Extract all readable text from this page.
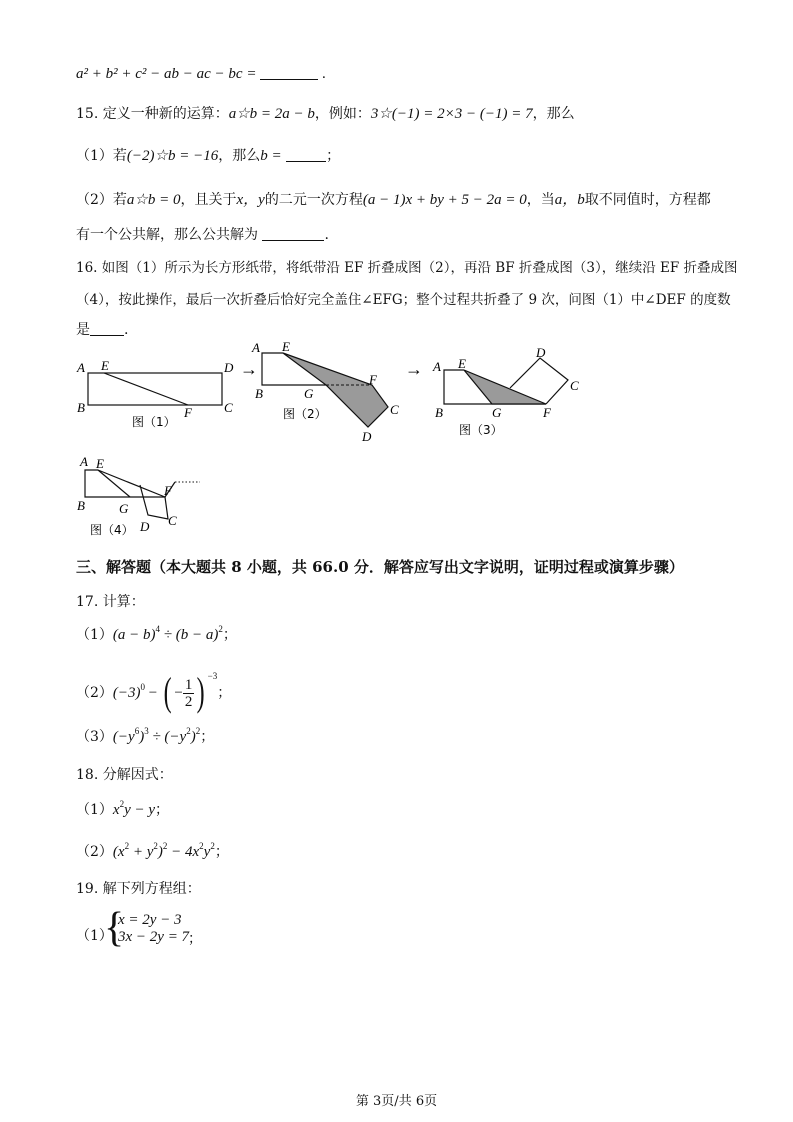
a² + b² + c² − ab − ac − bc =	.
15. 定义一种新的运算：a☆b = 2a − b，例如：3☆(−1) = 2×3 − (−1) = 7，那么
（1）若(−2)☆b = −16，那么b =	；
（2）若a☆b = 0，且关于x，y的二元一次方程(a − 1)x + by + 5 − 2a = 0，当a，b取不同值时，方程都
有一个公共解，那么公共解为	.
16. 如图（1）所示为长方形纸带，将纸带沿 EF 折叠成图（2），再沿 BF 折叠成图（3），继续沿 EF 折叠成图
（4），按此操作，最后一次折叠后恰好完全盖住∠EFG；整个过程共折叠了 9 次，问图（1）中∠DEF 的度数
是 .
A E	D
B	F C
图（1）
→
A E
B	G
F
C
D
图（2）
→ A E
D
C
B	G	F
图（3）
A E
F
B	G
D C
图（4）
三、解答题（本大题共 8 小题，共 66.0 分．解答应写出文字说明，证明过程或演算步骤）
17. 计算：
$(1)(a - b)^4 \div (b - a)^2$；
$(2)(-3)^0$ − ( − $\frac{1}{2}$ ) $^{-3}$；
$(3)(-y^6)^3 \div (-y^2)^2$；
18. 分解因式：
$(1)x^2y - y$；
$(2)(x^2 + y^2)^2 - 4x^2y^2$；
19. 解下列方程组：
（1）
{
x = 2y − 3
3x − 2y = 7
；
第 3页/共 6页
